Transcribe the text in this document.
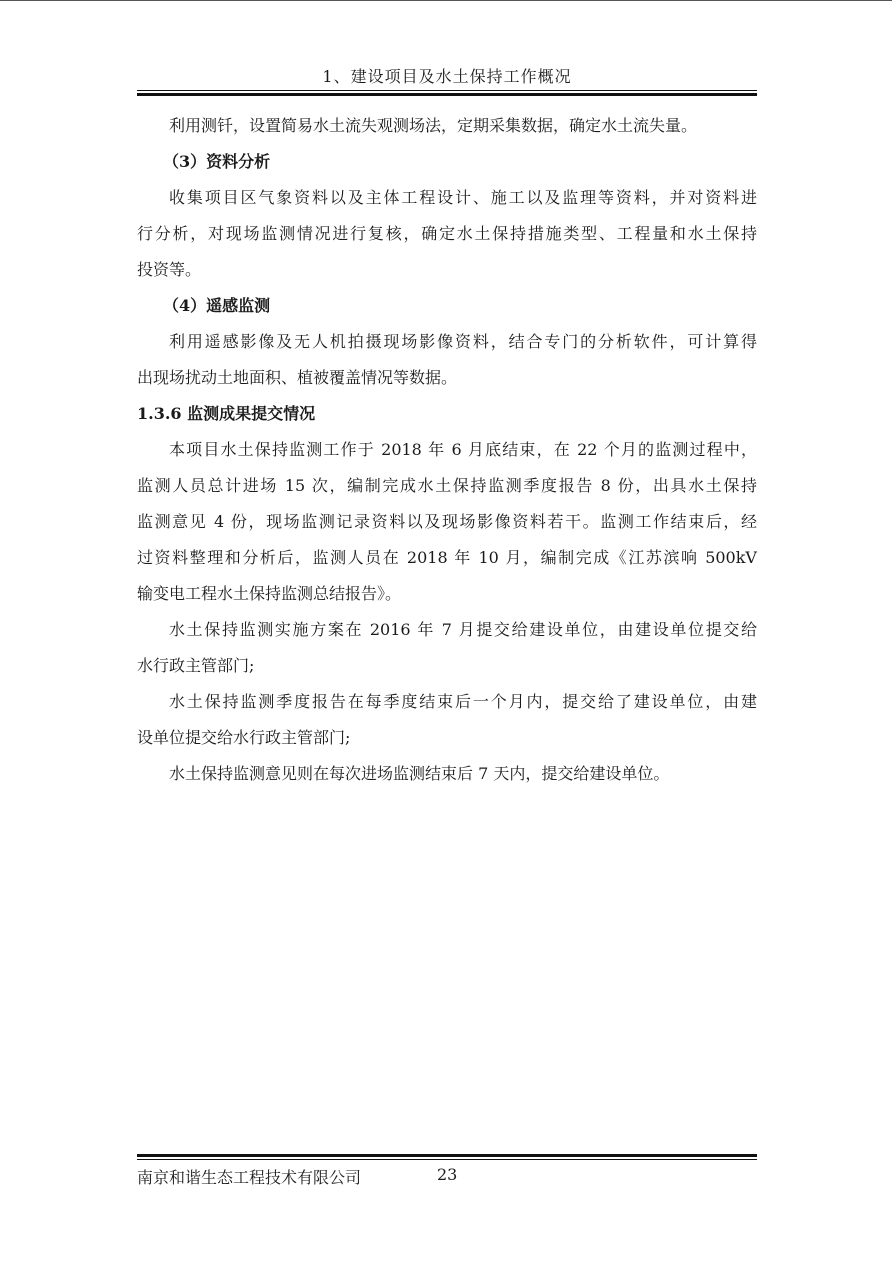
1、建设项目及水土保持工作概况
利用测钎，设置简易水土流失观测场法，定期采集数据，确定水土流失量。
（3）资料分析
收集项目区气象资料以及主体工程设计、施工以及监理等资料，并对资料进
行分析，对现场监测情况进行复核，确定水土保持措施类型、工程量和水土保持
投资等。
（4）遥感监测
利用遥感影像及无人机拍摄现场影像资料，结合专门的分析软件，可计算得
出现场扰动土地面积、植被覆盖情况等数据。
1.3.6 监测成果提交情况
本项目水土保持监测工作于 2018 年 6 月底结束，在 22 个月的监测过程中，
监测人员总计进场 15 次，编制完成水土保持监测季度报告 8 份，出具水土保持
监测意见 4 份，现场监测记录资料以及现场影像资料若干。监测工作结束后，经
过资料整理和分析后，监测人员在 2018 年 10 月，编制完成《江苏滨响 500kV
输变电工程水土保持监测总结报告》。
水土保持监测实施方案在 2016 年 7 月提交给建设单位，由建设单位提交给
水行政主管部门;
水土保持监测季度报告在每季度结束后一个月内，提交给了建设单位，由建
设单位提交给水行政主管部门;
水土保持监测意见则在每次进场监测结束后 7 天内，提交给建设单位。
南京和谐生态工程技术有限公司	23
